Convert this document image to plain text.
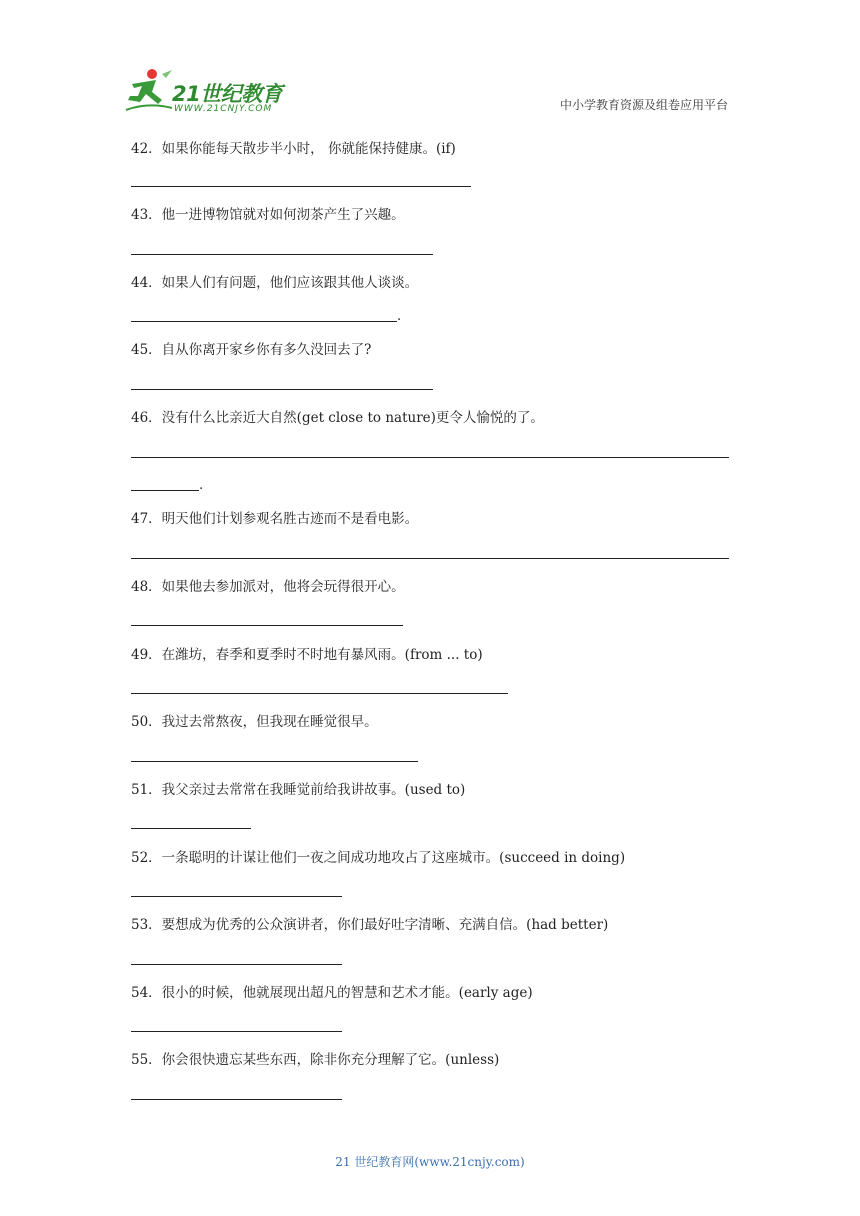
21世纪教育
WWW.21CNJY.COM	中小学教育资源及组卷应用平台
42．如果你能每天散步半小时， 你就能保持健康。(if)
43．他一进博物馆就对如何沏茶产生了兴趣。
44．如果人们有问题，他们应该跟其他人谈谈。
.
45．自从你离开家乡你有多久没回去了?
46．没有什么比亲近大自然(get close to nature)更令人愉悦的了。
.
47．明天他们计划参观名胜古迹而不是看电影。
48．如果他去参加派对，他将会玩得很开心。
49．在潍坊，春季和夏季时不时地有暴风雨。(from ... to)
50．我过去常熬夜，但我现在睡觉很早。
51．我父亲过去常常在我睡觉前给我讲故事。(used to)
52．一条聪明的计谋让他们一夜之间成功地攻占了这座城市。(succeed in doing)
53．要想成为优秀的公众演讲者，你们最好吐字清晰、充满自信。(had better)
54．很小的时候，他就展现出超凡的智慧和艺术才能。(early age)
55．你会很快遗忘某些东西，除非你充分理解了它。(unless)
21 世纪教育网(www.21cnjy.com)
